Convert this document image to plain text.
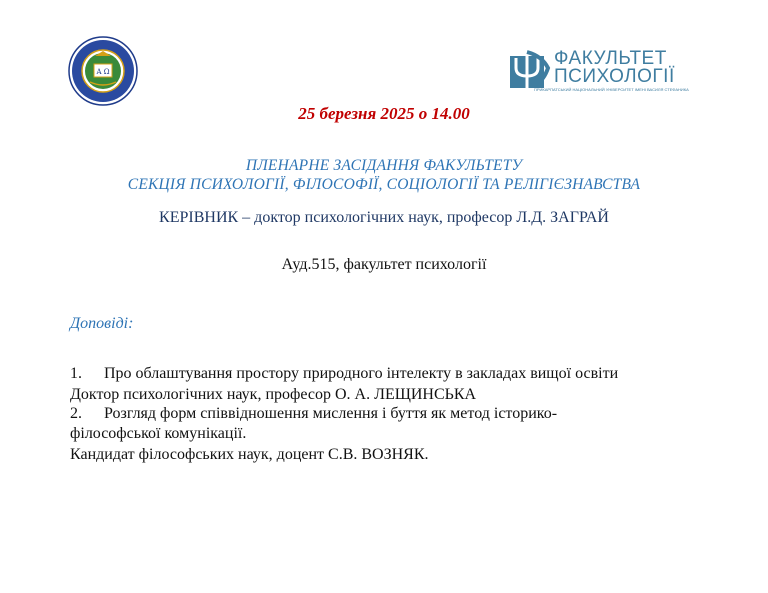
A Ω
ФАКУЛЬТЕТ
ПСИХОЛОГІЇ
ПРИКАРПАТСЬКИЙ НАЦІОНАЛЬНИЙ УНІВЕРСИТЕТ ІМЕНІ ВАСИЛЯ СТЕФАНИКА
25 березня 2025 о 14.00
ПЛЕНАРНЕ ЗАСІДАННЯ ФАКУЛЬТЕТУ
СЕКЦІЯ ПСИХОЛОГІЇ, ФІЛОСОФІЇ, СОЦІОЛОГІЇ ТА РЕЛІГІЄЗНАВСТВА
КЕРІВНИК – доктор психологічних наук, професор Л.Д. ЗАГРАЙ
Ауд.515, факультет психології
Доповіді:
1. Про облаштування простору природного інтелекту в закладах вищої освіти
Доктор психологічних наук, професор О. А. ЛЕЩИНСЬКА
2. Розгляд форм співвідношення мислення і буття як метод історико-
філософської комунікації.
Кандидат філософських наук, доцент С.В. ВОЗНЯК.
